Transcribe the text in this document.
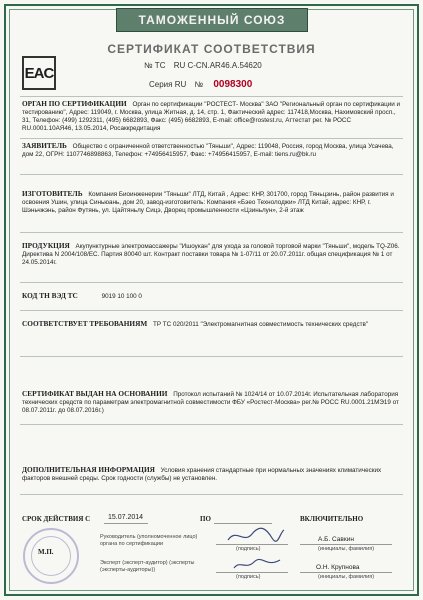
ТАМОЖЕННЫЙ СОЮЗ
СЕРТИФИКАТ СООТВЕТСТВИЯ
EAC	№ ТС RU C-CN.AR46.A.54620
Серия RU № 0098300
ОРГАН ПО СЕРТИФИКАЦИИ Орган по сертификации "РОСТЕСТ- Москва" ЗАО "Региональный орган по сертификации и тестированию", Адрес: 119049, г. Москва, улица Житная, д. 14, стр. 1, Фактический адрес: 117418,Москва, Нахимовский просп., 31, Телефон: (499) 1292311, (495) 6682893, Факс: (495) 6682893, E-mail: office@rostest.ru, Аттестат рег. № РОСС RU.0001.10АЯ46, 13.05.2014, Росаккредитация
ЗАЯВИТЕЛЬ Общество с ограниченной ответственностью "Тяньши", Адрес: 119048, Россия, город Москва, улица Усачева, дом 22, ОГРН: 1107746898863, Телефон: +74956415957, Факс: +74956415957, E-mail: tiens.ru@bk.ru
ИЗГОТОВИТЕЛЬ Компания Биоинженерии "Тяньши" ЛТД, Китай , Адрес: КНР, 301700, город Тяньцзинь, район развития и освоения Ушин, улица Синьюань, дом 20, завод-изготовитель: Компания «Бэео Технолоджи» ЛТД Китай, адрес: КНР, г. Шэньчжэнь, район Футянь, ул. Цайтяньлу Сицэ, Дворец промышленности «Цзиньлун», 2-й этаж
ПРОДУКЦИЯ Акупунктурные электромассажеры "Ишоукан" для ухода за головой торговой марки "Тяньши", модель TQ-Z06. Директива N 2004/108/ЕС. Партия 80040 шт. Контракт поставки товара № 1-07/11 от 20.07.2011г. общая спецификация № 1 от 24.05.2014г.
КОД ТН ВЭД ТС	9019 10 100 0
СООТВЕТСТВУЕТ ТРЕБОВАНИЯМ ТР ТС 020/2011 "Электромагнитная совместимость технических средств"
СЕРТИФИКАТ ВЫДАН НА ОСНОВАНИИ Протокол испытаний № 1024/14 от 10.07.2014г. Испытательная лаборатория технических средств по параметрам электромагнитной совместимости ФБУ «Ростест-Москва» рег.№ РОСС RU.0001.21МЭ19 от 08.07.2011г. до 08.07.2016г.)
ДОПОЛНИТЕЛЬНАЯ ИНФОРМАЦИЯ Условия хранения стандартные при нормальных значениях климатических факторов внешней среды. Срок годности (службы) не установлен.
СРОК ДЕЙСТВИЯ С	15.07.2014	ПО	ВКЛЮЧИТЕЛЬНО
М.П.
Руководитель (уполномоченное лицо) органа по сертификации
(подпись)
А.Б. Савкин
(инициалы, фамилия)
Эксперт (эксперт-аудитор) (эксперты (эксперты-аудиторы))
(подпись)
О.Н. Крупнова
(инициалы, фамилия)
